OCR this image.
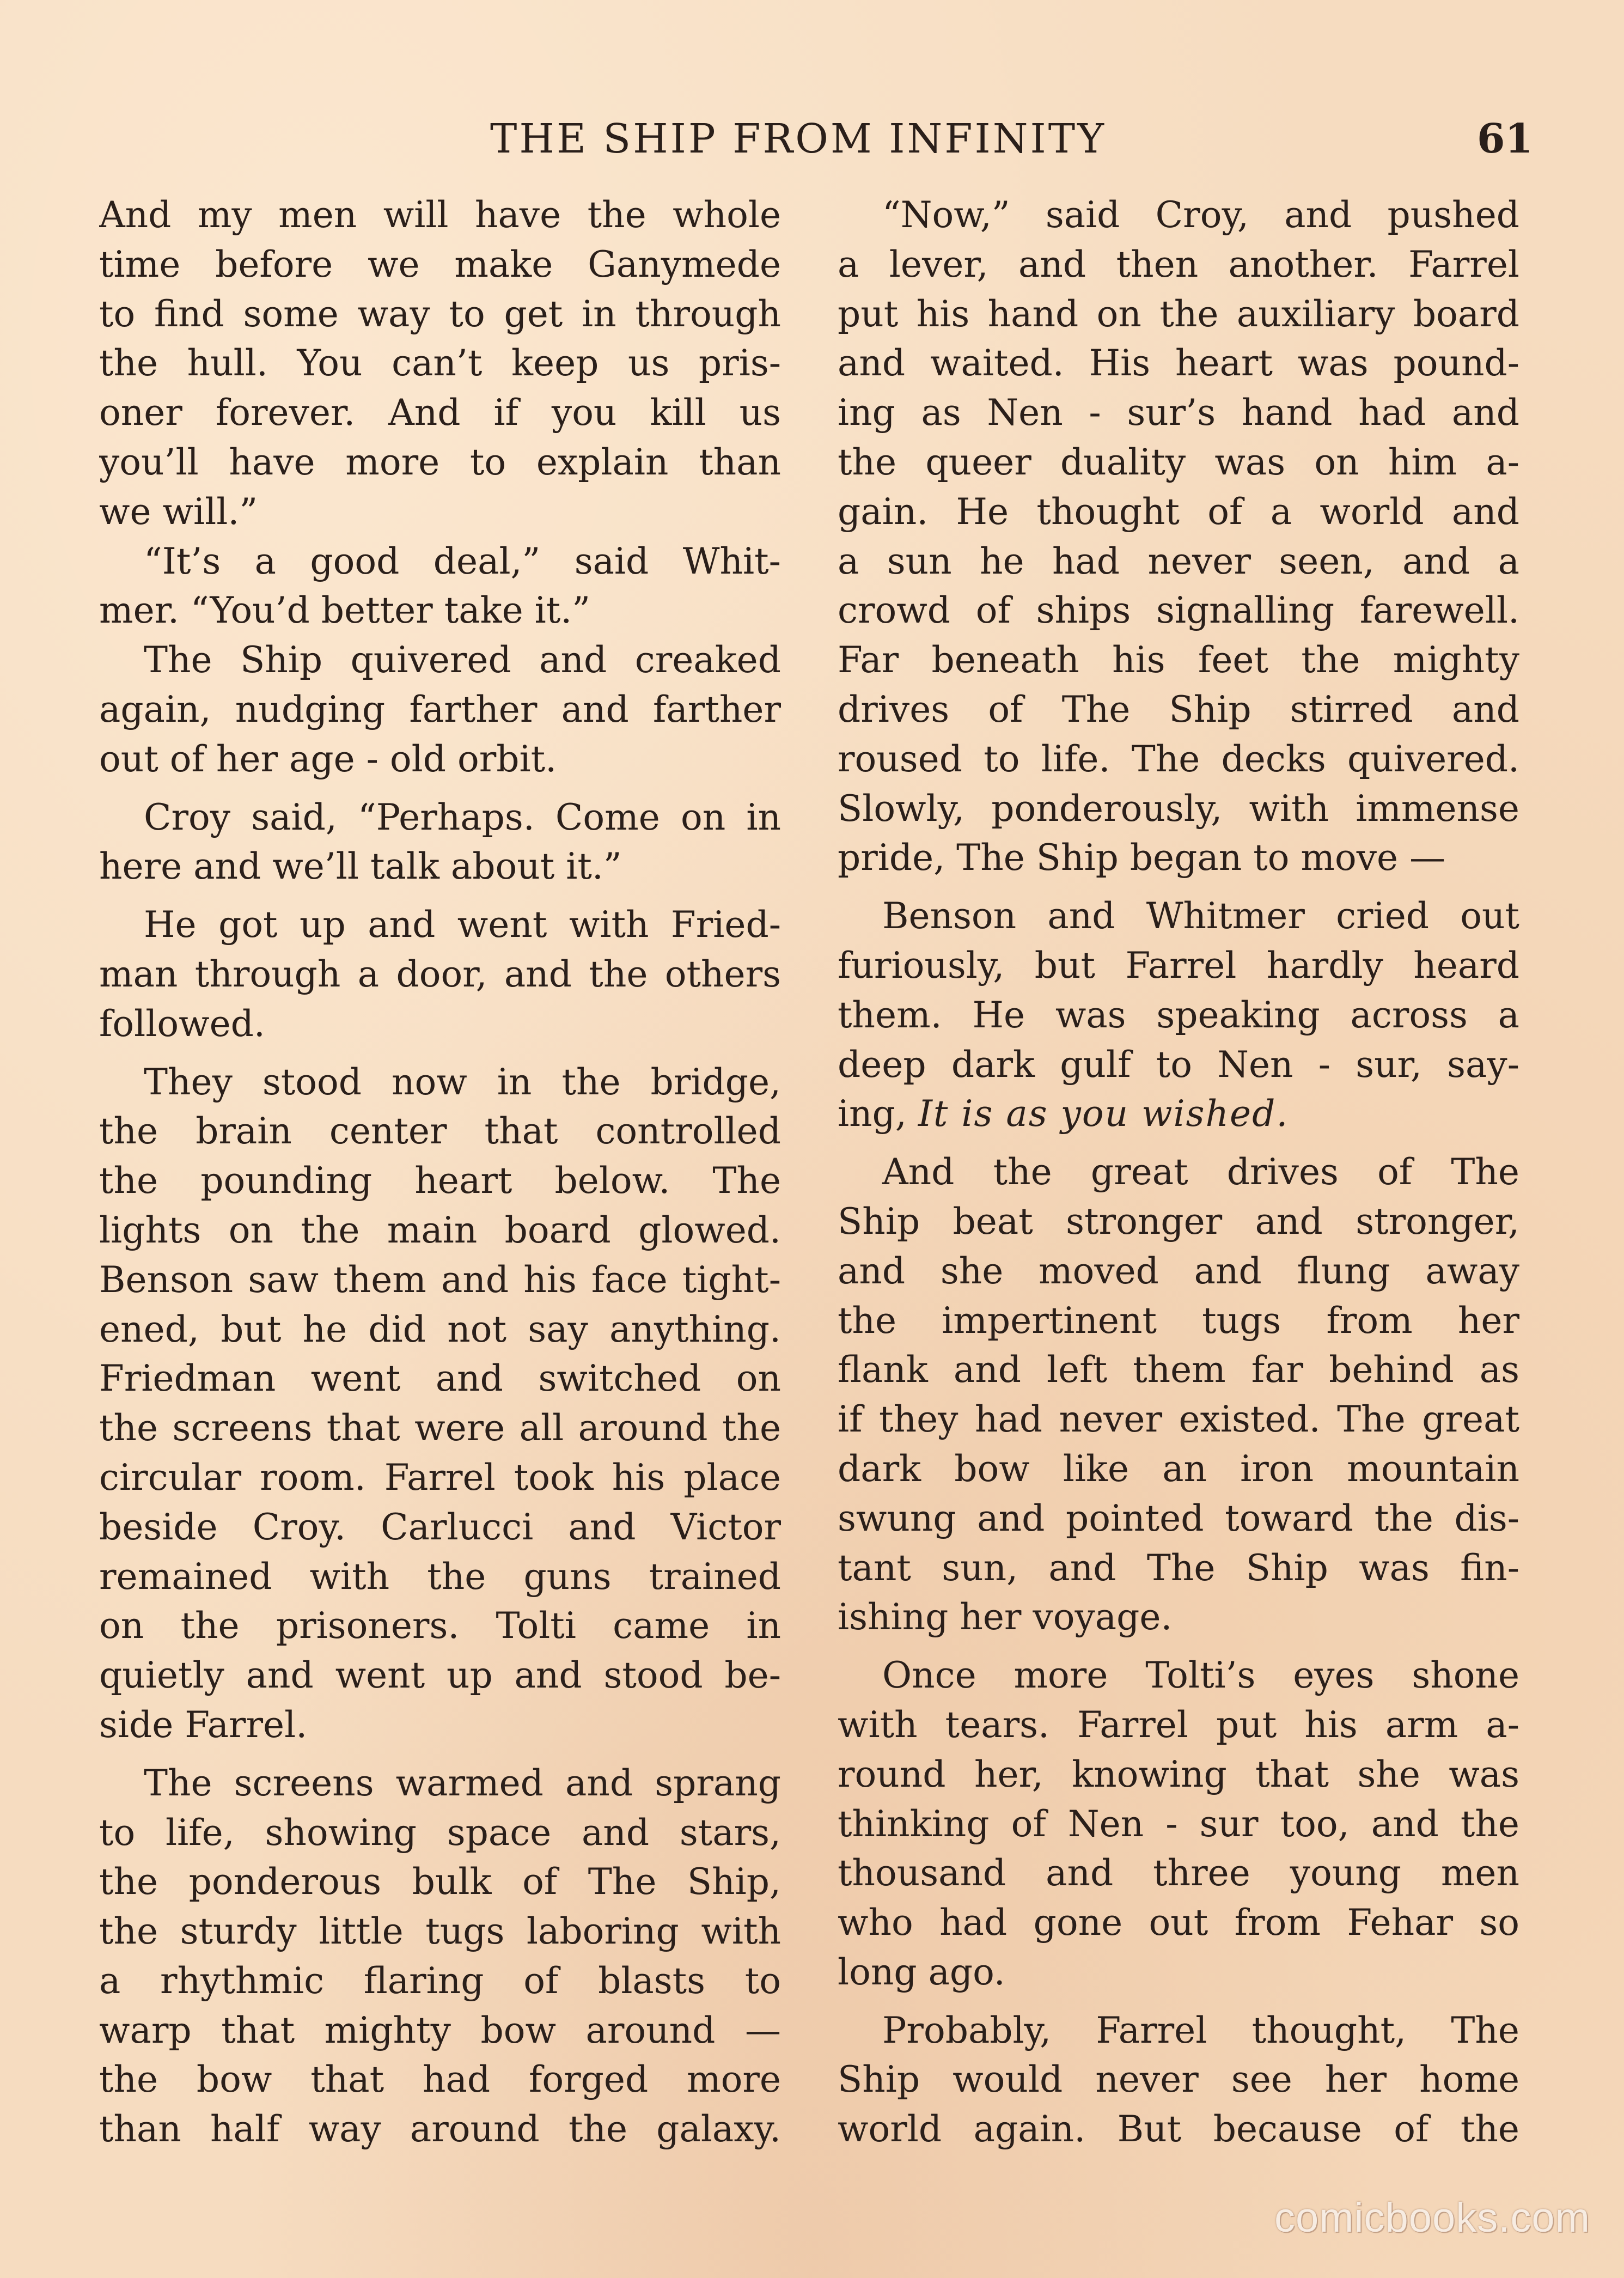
THE SHIP FROM INFINITY	61

And my men will have the whole
time before we make Ganymede
to find some way to get in through
the hull. You can’t keep us pris-
oner forever. And if you kill us
you’ll have more to explain than
we will.”

“It’s a good deal,” said Whit-
mer. “You’d better take it.”

The Ship quivered and creaked
again, nudging farther and farther
out of her age - old orbit.

Croy said, “Perhaps. Come on in
here and we’ll talk about it.”

He got up and went with Fried-
man through a door, and the others
followed.

They stood now in the bridge,
the brain center that controlled
the pounding heart below. The
lights on the main board glowed.
Benson saw them and his face tight-
ened, but he did not say anything.
Friedman went and switched on
the screens that were all around the
circular room. Farrel took his place
beside Croy. Carlucci and Victor
remained with the guns trained
on the prisoners. Tolti came in
quietly and went up and stood be-
side Farrel.

The screens warmed and sprang
to life, showing space and stars,
the ponderous bulk of The Ship,
the sturdy little tugs laboring with
a rhythmic flaring of blasts to
warp that mighty bow around —
the bow that had forged more
than half way around the galaxy.

“Now,” said Croy, and pushed
a lever, and then another. Farrel
put his hand on the auxiliary board
and waited. His heart was pound-
ing as Nen - sur’s hand had and
the queer duality was on him a-
gain. He thought of a world and
a sun he had never seen, and a
crowd of ships signalling farewell.
Far beneath his feet the mighty
drives of The Ship stirred and
roused to life. The decks quivered.
Slowly, ponderously, with immense
pride, The Ship began to move —

Benson and Whitmer cried out
furiously, but Farrel hardly heard
them. He was speaking across a
deep dark gulf to Nen - sur, say-
ing, It is as you wished.

And the great drives of The
Ship beat stronger and stronger,
and she moved and flung away
the impertinent tugs from her
flank and left them far behind as
if they had never existed. The great
dark bow like an iron mountain
swung and pointed toward the dis-
tant sun, and The Ship was fin-
ishing her voyage.

Once more Tolti’s eyes shone
with tears. Farrel put his arm a-
round her, knowing that she was
thinking of Nen - sur too, and the
thousand and three young men
who had gone out from Fehar so
long ago.

Probably, Farrel thought, The
Ship would never see her home
world again. But because of the

comicbooks.com
